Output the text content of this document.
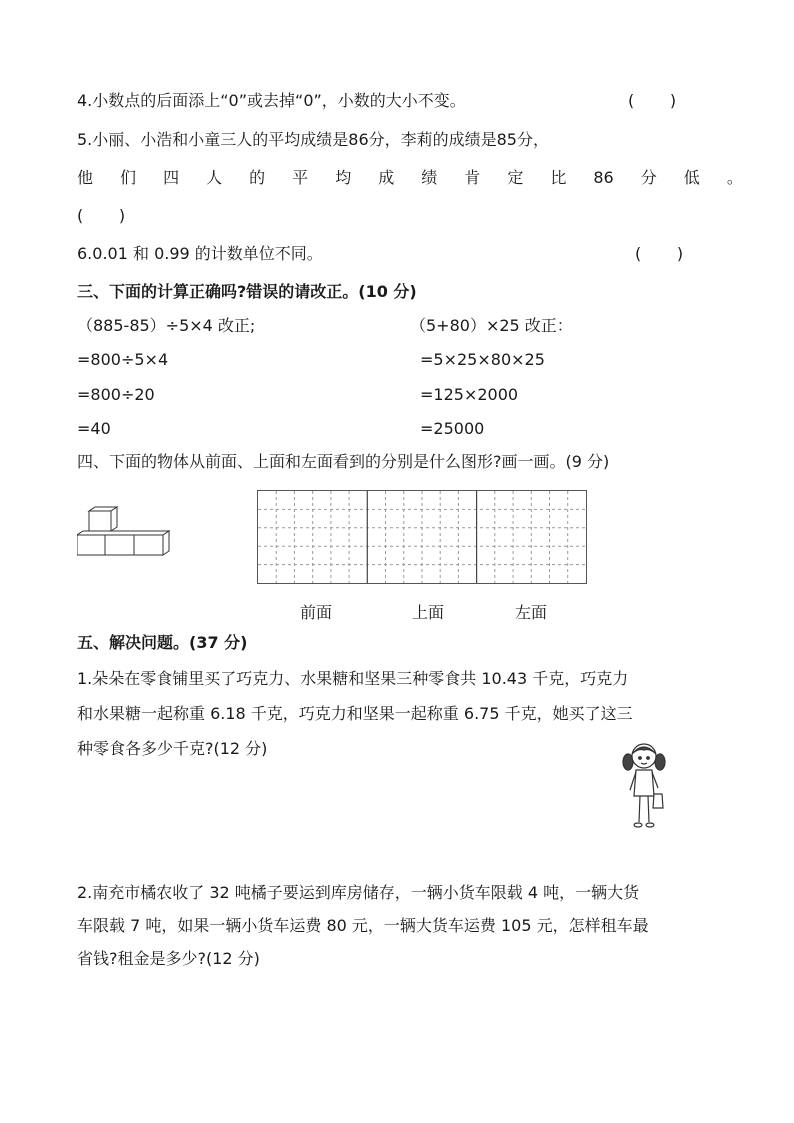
4.小数点的后面添上“0”或去掉“0”，小数的大小不变。	(       )
5.小丽、小浩和小童三人的平均成绩是86分，李莉的成绩是85分，
他 们 四 人 的 平 均 成 绩 肯 定 比 86 分 低 。
(       )
6.0.01 和 0.99 的计数单位不同。	(       )
三、下面的计算正确吗?错误的请改正。(10 分)
（885-85）÷5×4 改正;
=800÷5×4
=800÷20
=40
（5+80）×25 改正：
=5×25×80×25
=125×2000
=25000
四、下面的物体从前面、上面和左面看到的分别是什么图形?画一画。(9 分)
前面	上面	左面
五、解决问题。(37 分)
1.朵朵在零食铺里买了巧克力、水果糖和坚果三种零食共 10.43 千克，巧克力
和水果糖一起称重 6.18 千克，巧克力和坚果一起称重 6.75 千克，她买了这三
种零食各多少千克?(12 分)
2.南充市橘农收了 32 吨橘子要运到库房储存，一辆小货车限载 4 吨，一辆大货
车限载 7 吨，如果一辆小货车运费 80 元，一辆大货车运费 105 元，怎样租车最
省钱?租金是多少?(12 分)
